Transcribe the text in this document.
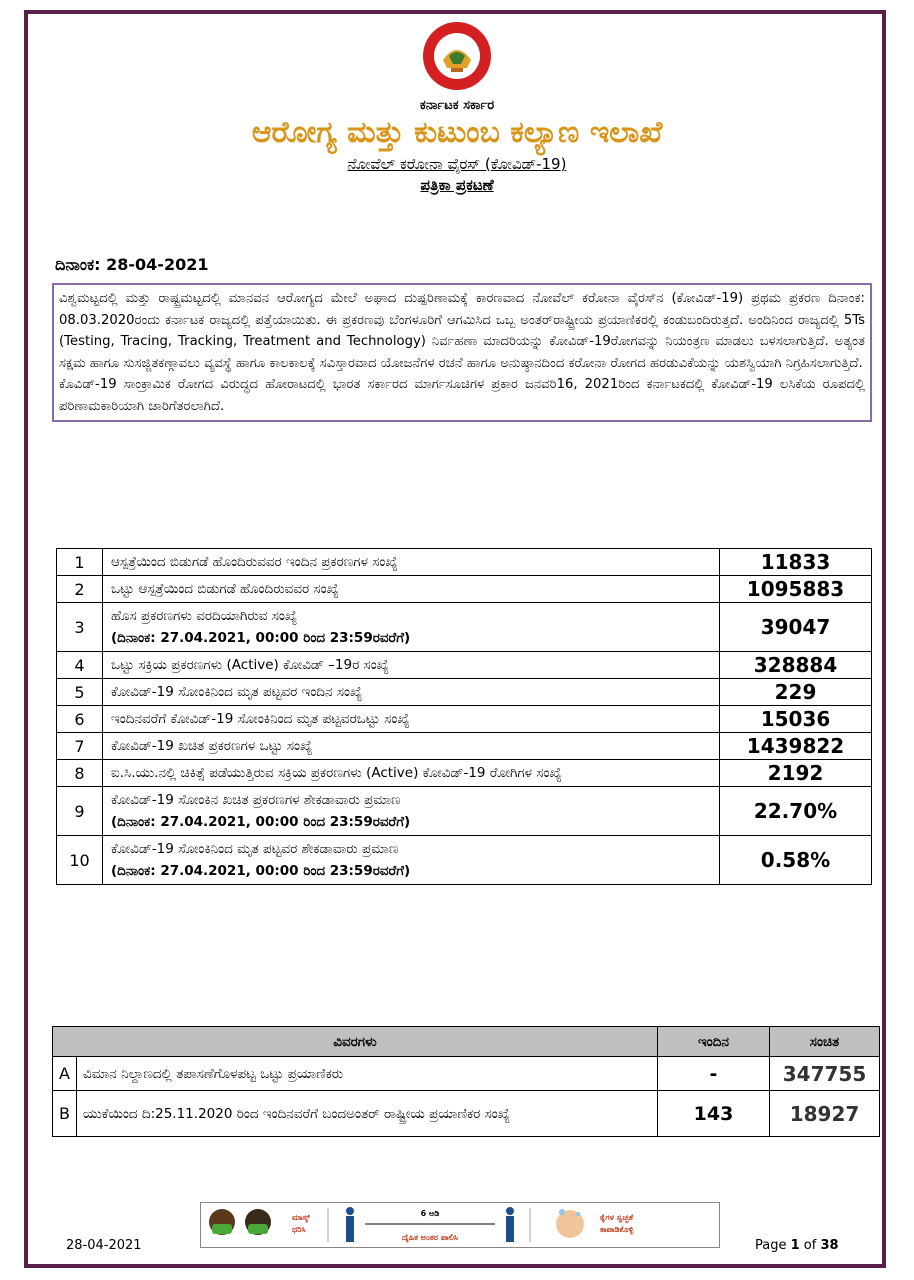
ಕರ್ನಾಟಕ ಸರ್ಕಾರ
ಆರೋಗ್ಯ ಮತ್ತು ಕುಟುಂಬ ಕಲ್ಯಾಣ ಇಲಾಖೆ
ನೋವೆಲ್ ಕರೋನಾ ವೈರಸ್ (ಕೋವಿಡ್-19)
ಪತ್ರಿಕಾ ಪ್ರಕಟಣೆ
ದಿನಾಂಕ: 28-04-2021

ವಿಶ್ವಮಟ್ಟದಲ್ಲಿ ಮತ್ತು ರಾಷ್ಟ್ರಮಟ್ಟದಲ್ಲಿ ಮಾನವನ ಆರೋಗ್ಯದ ಮೇಲೆ ಅಘಾದ ದುಷ್ಪರಿಣಾಮಕ್ಕೆ ಕಾರಣವಾದ ನೋವೆಲ್ ಕರೋನಾ ವೈರಸ್‌ನ (ಕೋವಿಡ್-19) ಪ್ರಥಮ ಪ್ರಕರಣ ದಿನಾಂಕ: 08.03.2020ರಂದು ಕರ್ನಾಟಕ ರಾಜ್ಯದಲ್ಲಿ ಪತ್ತೆಯಾಯಿತು. ಈ ಪ್ರಕರಣವು ಬೆಂಗಳೂರಿಗೆ ಆಗಮಿಸಿದ ಒಬ್ಬ ಅಂತರ್‌ರಾಷ್ಟ್ರೀಯ ಪ್ರಯಾಣಿಕರಲ್ಲಿ ಕಂಡುಬಂದಿರುತ್ತದೆ. ಅಂದಿನಿಂದ ರಾಜ್ಯದಲ್ಲಿ 5Ts (Testing, Tracing, Tracking, Treatment and Technology) ನಿರ್ವಹಣಾ ಮಾದರಿಯನ್ನು ಕೋವಿಡ್-19ರೋಗವನ್ನು ನಿಯಂತ್ರಣ ಮಾಡಲು ಬಳಸಲಾಗುತ್ತಿದೆ. ಅತ್ಯಂತ ಸಕ್ಷಮ ಹಾಗೂ ಸುಸಜ್ಜಿತಕಣ್ಗಾವಲು ವ್ಯವಸ್ಥೆ ಹಾಗೂ ಕಾಲಕಾಲಕ್ಕೆ ಸವಿಸ್ತಾರವಾದ ಯೋಜನೆಗಳ ರಚನೆ ಹಾಗೂ ಅನುಷ್ಠಾನದಿಂದ ಕರೋನಾ ರೋಗದ ಹರಡುವಿಕೆಯನ್ನು ಯಶಸ್ವಿಯಾಗಿ ನಿಗ್ರಹಿಸಲಾಗುತ್ತಿದೆ.

ಕೊವಿಡ್-19 ಸಾಂಕ್ರಾಮಿಕ ರೋಗದ ವಿರುದ್ಧದ ಹೋರಾಟದಲ್ಲಿ ಭಾರತ ಸರ್ಕಾರದ ಮಾರ್ಗಸೂಚಿಗಳ ಪ್ರಕಾರ ಜನವರಿ16, 2021ರಿಂದ ಕರ್ನಾಟಕದಲ್ಲಿ ಕೋವಿಡ್-19 ಲಸಿಕೆಯ ರೂಪದಲ್ಲಿ ಪರಿಣಾಮಕಾರಿಯಾಗಿ ಜಾರಿಗೆತರಲಾಗಿದೆ.

1	ಆಸ್ಪತ್ರೆಯಿಂದ ಬಿಡುಗಡೆ ಹೊಂದಿರುವವರ ಇಂದಿನ ಪ್ರಕರಣಗಳ ಸಂಖ್ಯೆ	11833
2	ಒಟ್ಟು ಆಸ್ಪತ್ರೆಯಿಂದ ಬಿಡುಗಡೆ ಹೊಂದಿರುವವರ ಸಂಖ್ಯೆ	1095883
3	ಹೊಸ ಪ್ರಕರಣಗಳು ವರದಿಯಾಗಿರುವ ಸಂಖ್ಯೆ
(ದಿನಾಂಕ: 27.04.2021, 00:00 ರಿಂದ 23:59ರವರೆಗೆ)	39047
4	ಒಟ್ಟು ಸಕ್ರಿಯ ಪ್ರಕರಣಗಳು (Active) ಕೋವಿಡ್ –19ರ ಸಂಖ್ಯೆ	328884
5	ಕೋವಿಡ್-19 ಸೋಂಕಿನಿಂದ ಮೃತ ಪಟ್ಟವರ ಇಂದಿನ ಸಂಖ್ಯೆ	229
6	ಇಂದಿನವರೆಗೆ ಕೋವಿಡ್-19 ಸೋಂಕಿನಿಂದ ಮೃತ ಪಟ್ಟವರಒಟ್ಟು ಸಂಖ್ಯೆ	15036
7	ಕೋವಿಡ್-19 ಖಚಿತ ಪ್ರಕರಣಗಳ ಒಟ್ಟು ಸಂಖ್ಯೆ	1439822
8	ಐ.ಸಿ.ಯು.ನಲ್ಲಿ ಚಿಕಿತ್ಸೆ ಪಡೆಯುತ್ತಿರುವ ಸಕ್ರಿಯ ಪ್ರಕರಣಗಳು (Active) ಕೋವಿಡ್-19 ರೋಗಿಗಳ ಸಂಖ್ಯೆ	2192
9	ಕೋವಿಡ್-19 ಸೋಂಕಿನ ಖಚಿತ ಪ್ರಕರಣಗಳ ಶೇಕಡಾವಾರು ಪ್ರಮಾಣ
(ದಿನಾಂಕ: 27.04.2021, 00:00 ರಿಂದ 23:59ರವರೆಗೆ)	22.70%
10	ಕೋವಿಡ್-19 ಸೋಂಕಿನಿಂದ ಮೃತ ಪಟ್ಟವರ ಶೇಕಡಾವಾರು ಪ್ರಮಾಣ
(ದಿನಾಂಕ: 27.04.2021, 00:00 ರಿಂದ 23:59ರವರೆಗೆ)	0.58%
ವಿವರಗಳು		ಇಂದಿನ	ಸಂಚಿತ
A	ವಿಮಾನ ನಿಲ್ದಾಣದಲ್ಲಿ ತಪಾಸಣೆಗೊಳಪಟ್ಟ ಒಟ್ಟು ಪ್ರಯಾಣಿಕರು	-	347755
B	ಯುಕೆಯಿಂದ ದಿ:25.11.2020 ರಿಂದ ಇಂದಿನವರೆಗೆ ಬಂದಅಂತರ್ ರಾಷ್ಟ್ರೀಯ ಪ್ರಯಾಣಿಕರ ಸಂಖ್ಯೆ	143	18927
ಮಾಸ್ಕ್
ಧರಿಸಿ
6 ಅಡಿ
ದೈಹಿಕ ಅಂತರ ಪಾಲಿಸಿ
ಕೈಗಳ ಸ್ವಚ್ಛತೆ
ಕಾಪಾಡಿಕೊಳ್ಳಿ
28-04-2021	Page 1 of 38
